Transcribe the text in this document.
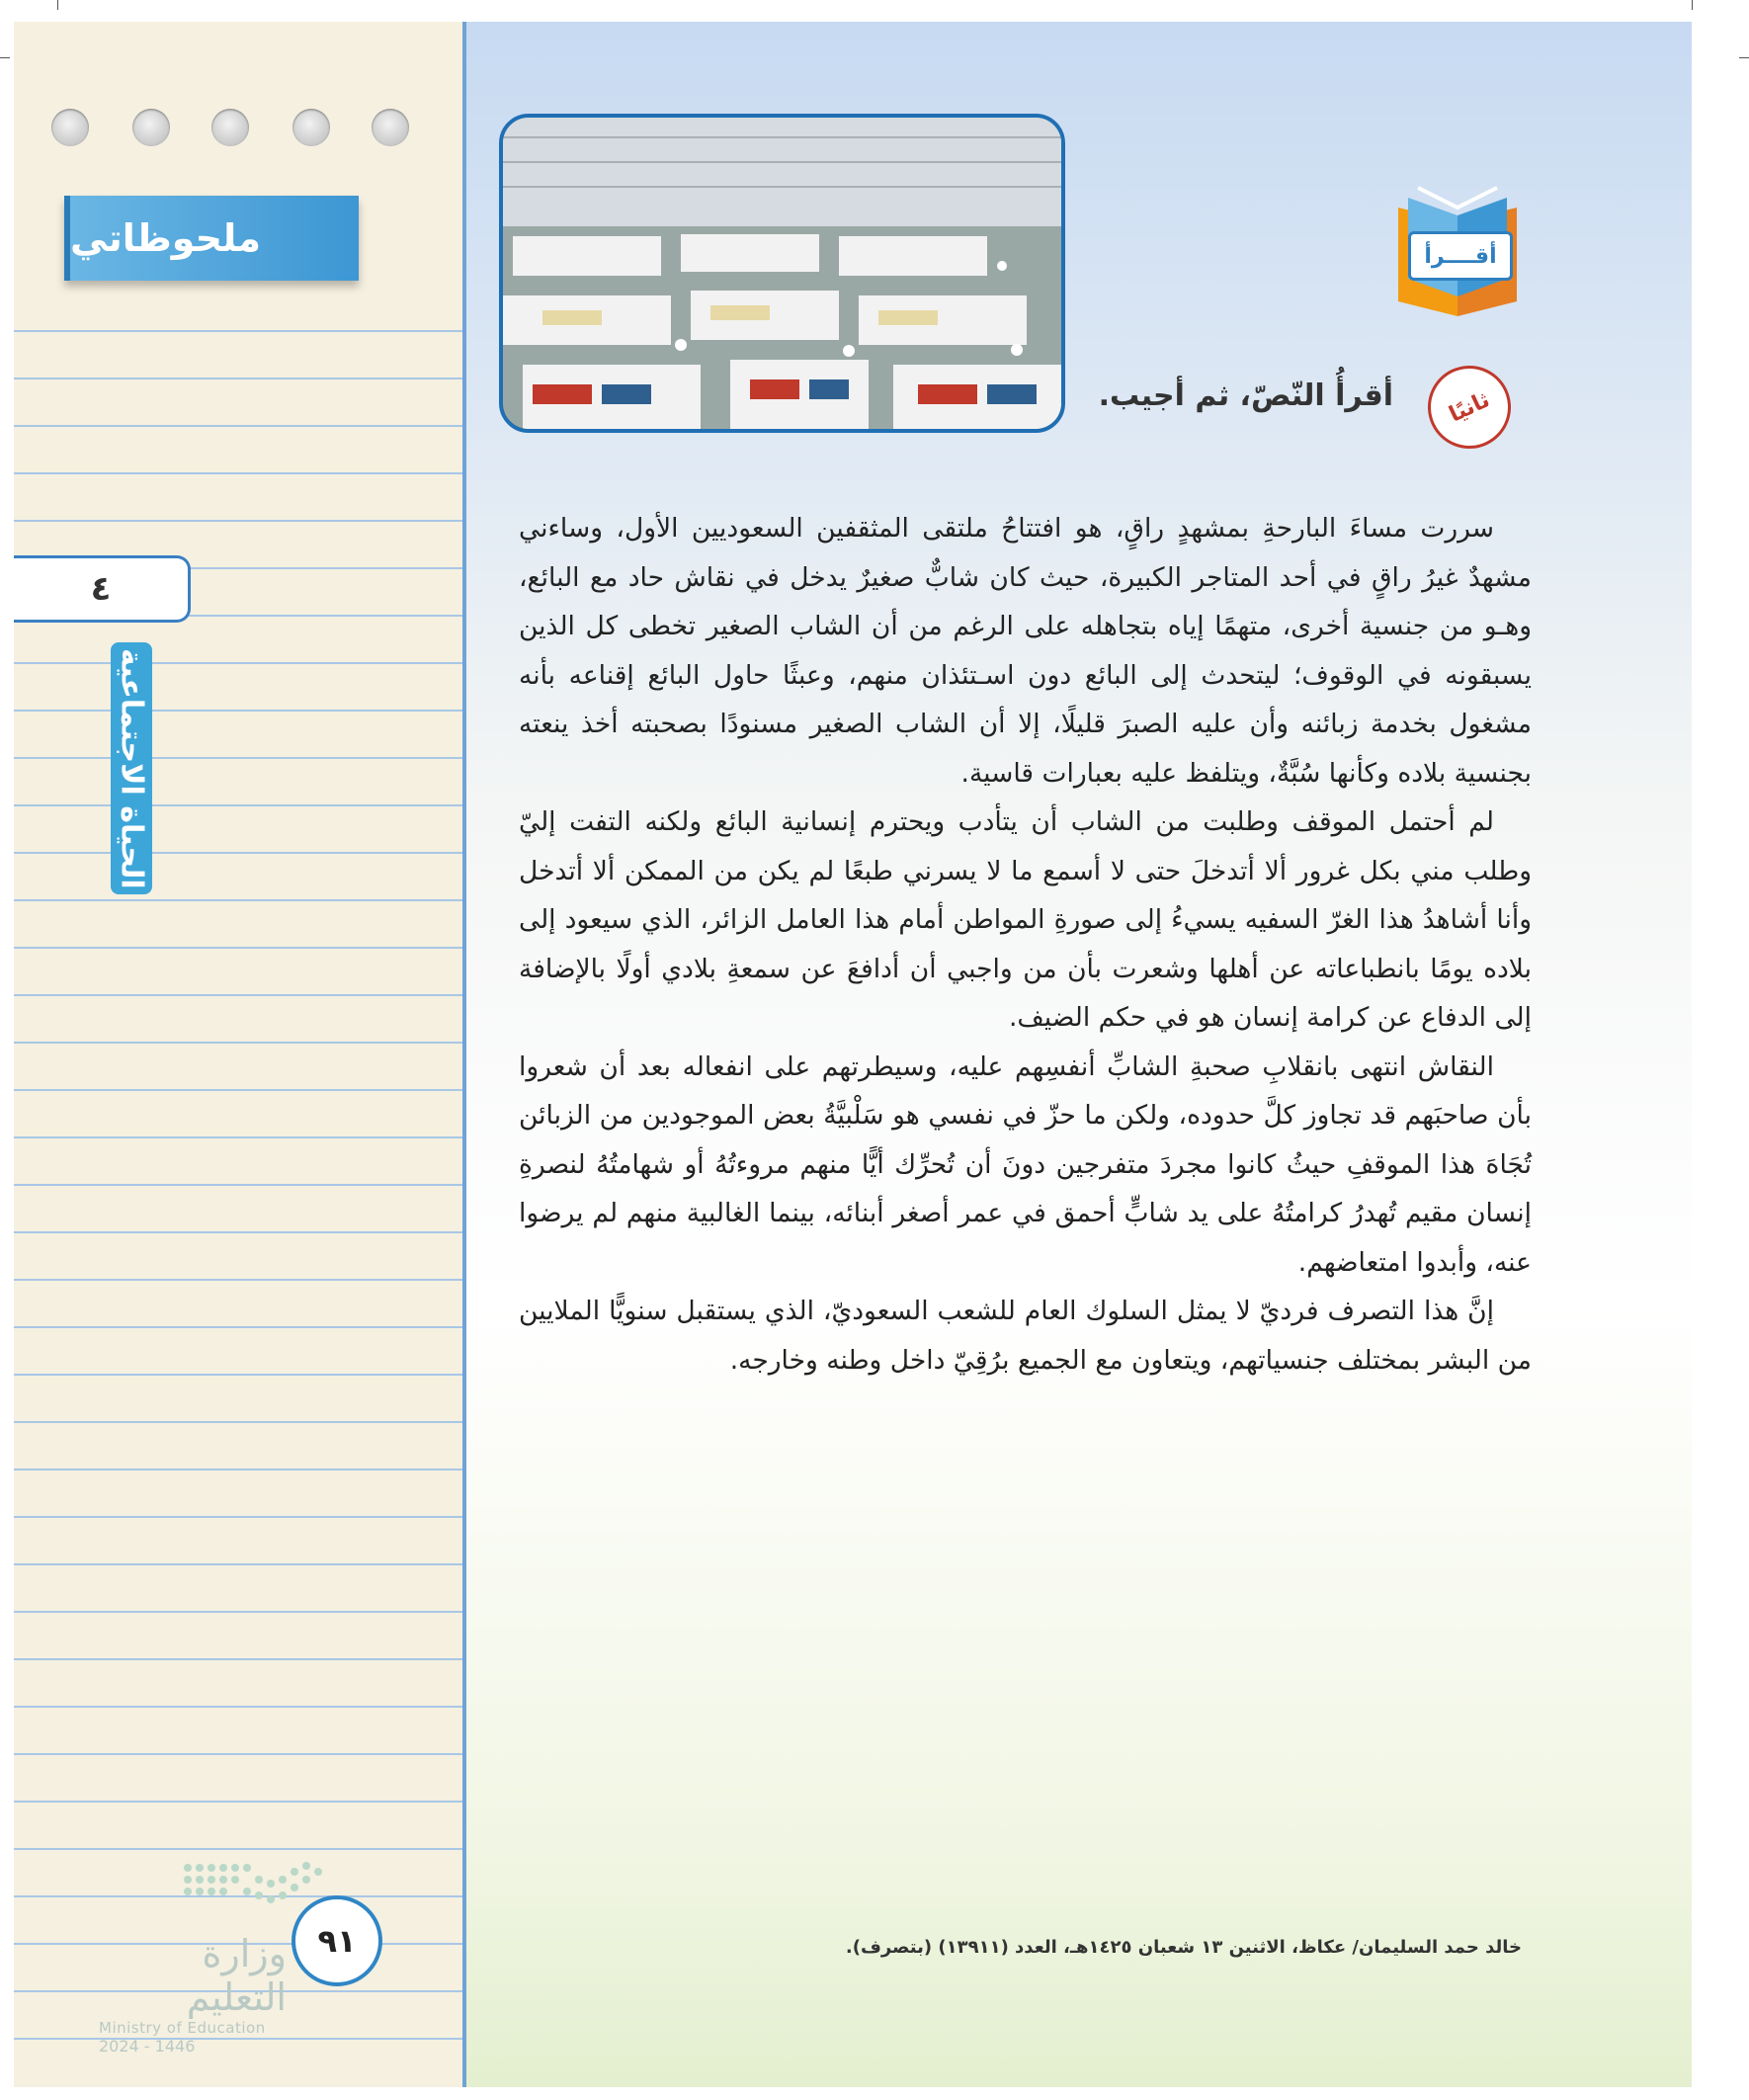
ملحوظاتي
٤
الحياة الاجتماعية
وزارة التعليم
Ministry of Education
2024 - 1446
٩١
أقــــرأ
ثانيًا
أقرأُ النّصّ، ثم أجيب.

سررت مساءَ البارحةِ بمشهدٍ راقٍ، هو افتتاحُ ملتقى المثقفين السعوديين الأول، وساءني مشهدٌ غيرُ راقٍ في أحد المتاجر الكبيرة، حيث كان شابٌّ صغيرٌ يدخل في نقاش حاد مع البائع، وهـو من جنسية أخرى، متهمًا إياه بتجاهله على الرغم من أن الشاب الصغير تخطى كل الذين يسبقونه في الوقوف؛ ليتحدث إلى البائع دون اسـتئذان منهم، وعبثًا حاول البائع إقناعه بأنه مشغول بخدمة زبائنه وأن عليه الصبرَ قليلًا، إلا أن الشاب الصغير مسنودًا بصحبته أخذ ينعته بجنسية بلاده وكأنها سُبَّةٌ، ويتلفظ عليه بعبارات قاسية.

لم أحتمل الموقف وطلبت من الشاب أن يتأدب ويحترم إنسانية البائع ولكنه التفت إليّ وطلب مني بكل غرور ألا أتدخلَ حتى لا أسمع ما لا يسرني طبعًا لم يكن من الممكن ألا أتدخل وأنا أشاهدُ هذا الغرّ السفيه يسيءُ إلى صورةِ المواطن أمام هذا العامل الزائر، الذي سيعود إلى بلاده يومًا بانطباعاته عن أهلها وشعرت بأن من واجبي أن أدافعَ عن سمعةِ بلادي أولًا بالإضافة إلى الدفاع عن كرامة إنسان هو في حكم الضيف.

النقاش انتهى بانقلابِ صحبةِ الشابِّ أنفسِهم عليه، وسيطرتهم على انفعاله بعد أن شعروا بأن صاحبَهم قد تجاوز كلَّ حدوده، ولكن ما حزّ في نفسي هو سَلْبيَّةُ بعض الموجودين من الزبائن تُجَاهَ هذا الموقفِ حيثُ كانوا مجردَ متفرجين دونَ أن تُحرِّك أيًّا منهم مروءتُهُ أو شهامتُهُ لنصرةِ إنسان مقيم تُهدرُ كرامتُهُ على يد شابٍّ أحمق في عمر أصغر أبنائه، بينما الغالبية منهم لم يرضوا عنه، وأبدوا امتعاضهم.

إنَّ هذا التصرف فرديّ لا يمثل السلوك العام للشعب السعوديّ، الذي يستقبل سنويًّا الملايين من البشر بمختلف جنسياتهم، ويتعاون مع الجميع برُقِيّ داخل وطنه وخارجه.

خالد حمد السليمان/ عكاظ، الاثنين ١٣ شعبان ١٤٢٥هـ، العدد (١٣٩١١) (بتصرف).
